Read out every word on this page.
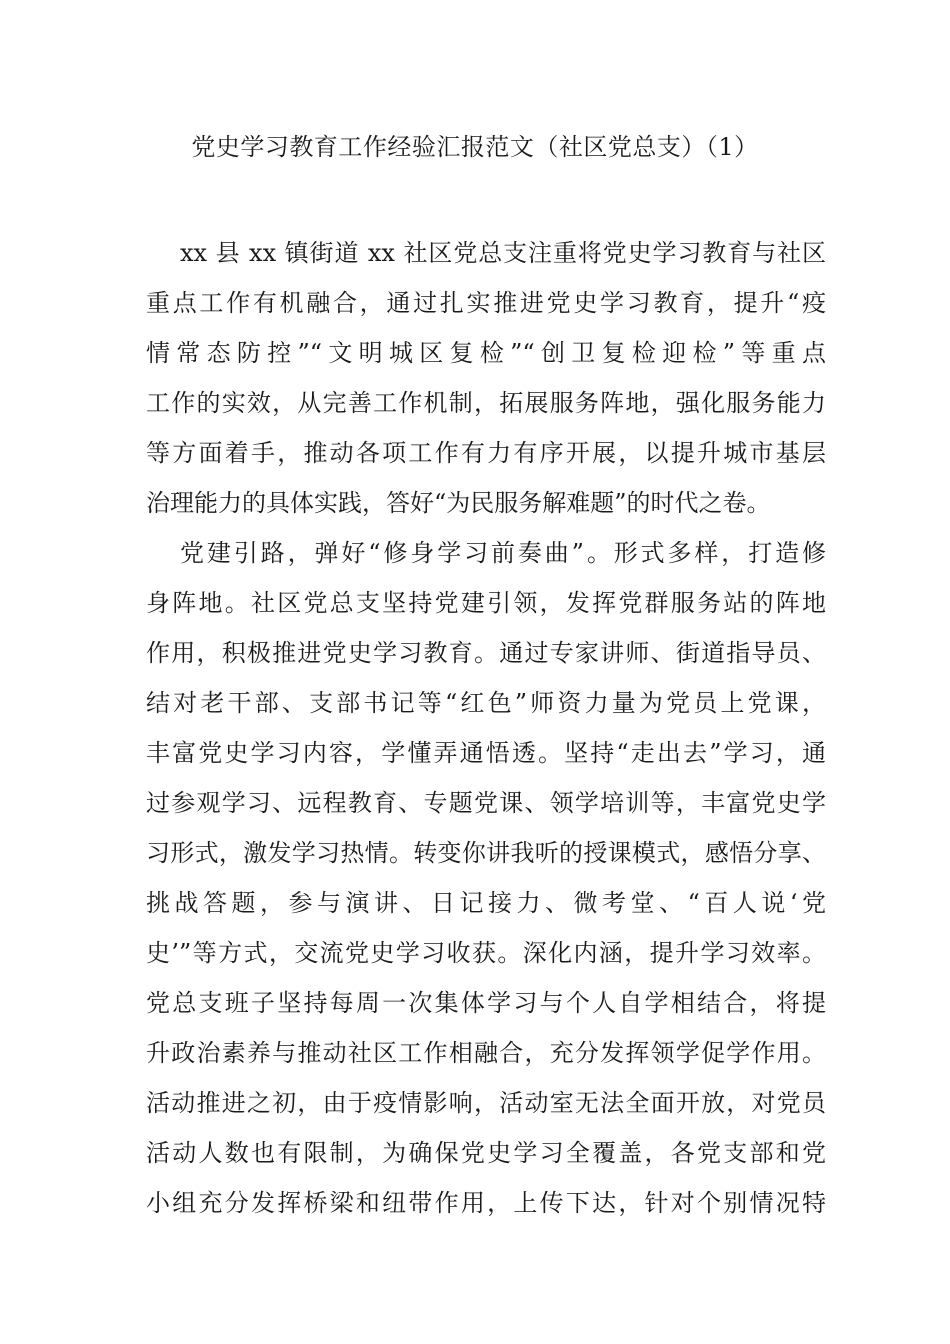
党史学习教育工作经验汇报范文（社区党总支）（1）
xx 县 xx 镇街道 xx 社区党总支注重将党史学习教育与社区
重点工作有机融合，通过扎实推进党史学习教育，提升“疫
情常态防控”“文明城区复检”“创卫复检迎检”等重点
工作的实效，从完善工作机制，拓展服务阵地，强化服务能力
等方面着手，推动各项工作有力有序开展，以提升城市基层
治理能力的具体实践，答好“为民服务解难题”的时代之卷。
党建引路，弹好“修身学习前奏曲”。形式多样，打造修
身阵地。社区党总支坚持党建引领，发挥党群服务站的阵地
作用，积极推进党史学习教育。通过专家讲师、街道指导员、
结对老干部、支部书记等“红色”师资力量为党员上党课，
丰富党史学习内容，学懂弄通悟透。坚持“走出去”学习，通
过参观学习、远程教育、专题党课、领学培训等，丰富党史学
习形式，激发学习热情。转变你讲我听的授课模式，感悟分享、
挑战答题，参与演讲、日记接力、微考堂、“百人说‘党
史’”等方式，交流党史学习收获。深化内涵，提升学习效率。
党总支班子坚持每周一次集体学习与个人自学相结合，将提
升政治素养与推动社区工作相融合，充分发挥领学促学作用。
活动推进之初，由于疫情影响，活动室无法全面开放，对党员
活动人数也有限制，为确保党史学习全覆盖，各党支部和党
小组充分发挥桥梁和纽带作用，上传下达，针对个别情况特
